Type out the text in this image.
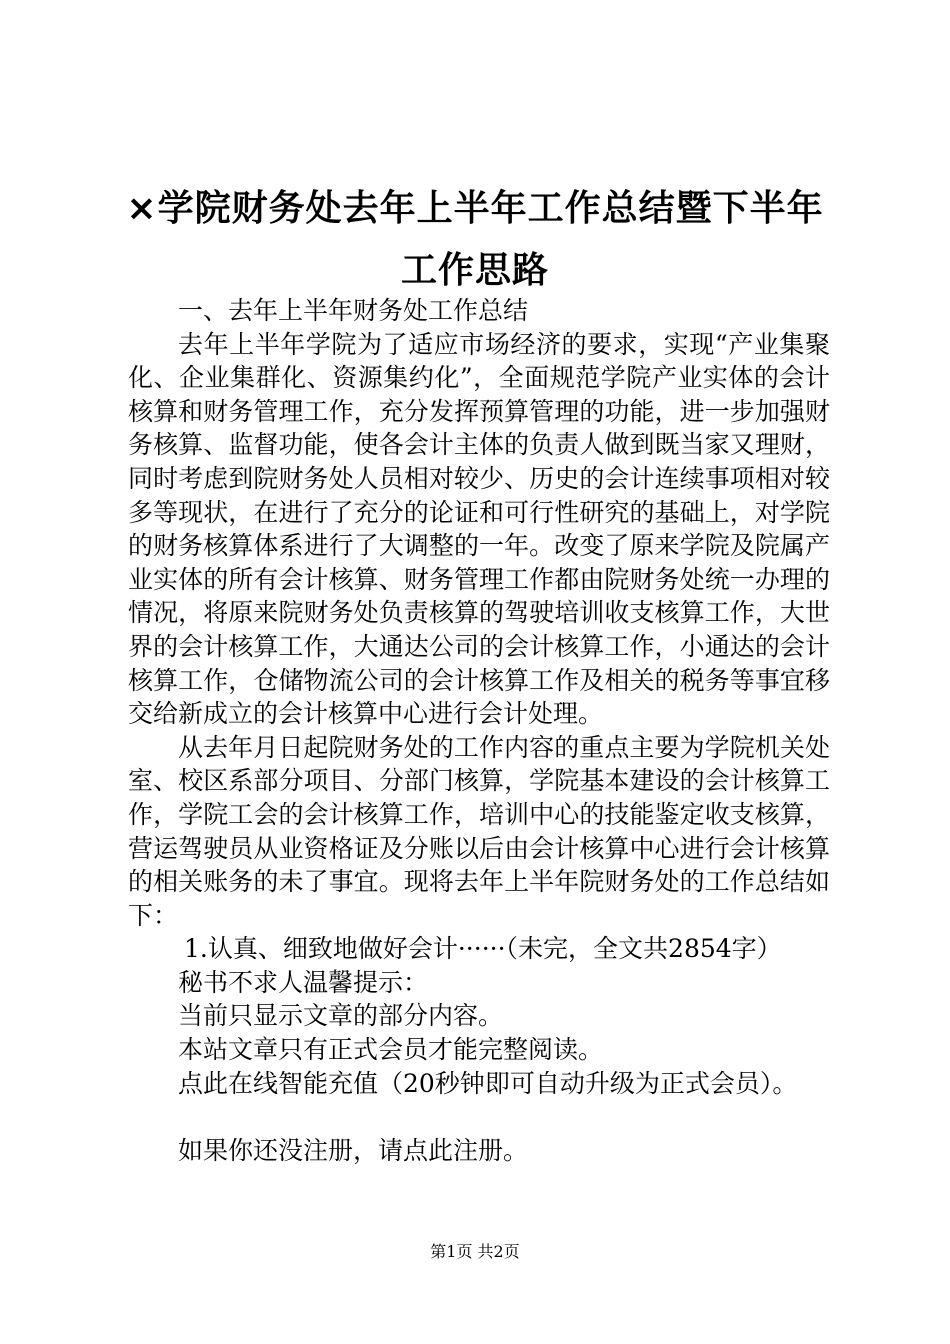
×学院财务处去年上半年工作总结暨下半年工作思路

一、去年上半年财务处工作总结

去年上半年学院为了适应市场经济的要求，实现“产业集聚化、企业集群化、资源集约化”，全面规范学院产业实体的会计核算和财务管理工作，充分发挥预算管理的功能，进一步加强财务核算、监督功能，使各会计主体的负责人做到既当家又理财，同时考虑到院财务处人员相对较少、历史的会计连续事项相对较多等现状，在进行了充分的论证和可行性研究的基础上，对学院的财务核算体系进行了大调整的一年。改变了原来学院及院属产业实体的所有会计核算、财务管理工作都由院财务处统一办理的情况，将原来院财务处负责核算的驾驶培训收支核算工作，大世界的会计核算工作，大通达公司的会计核算工作，小通达的会计核算工作，仓储物流公司的会计核算工作及相关的税务等事宜移交给新成立的会计核算中心进行会计处理。

从去年月日起院财务处的工作内容的重点主要为学院机关处室、校区系部分项目、分部门核算，学院基本建设的会计核算工作，学院工会的会计核算工作，培训中心的技能鉴定收支核算，营运驾驶员从业资格证及分账以后由会计核算中心进行会计核算的相关账务的未了事宜。现将去年上半年院财务处的工作总结如下：

1.认真、细致地做好会计······（未完，全文共2854字）

秘书不求人温馨提示：

当前只显示文章的部分内容。

本站文章只有正式会员才能完整阅读。

点此在线智能充值（20秒钟即可自动升级为正式会员）。

如果你还没注册，请点此注册。

第1页 共2页
